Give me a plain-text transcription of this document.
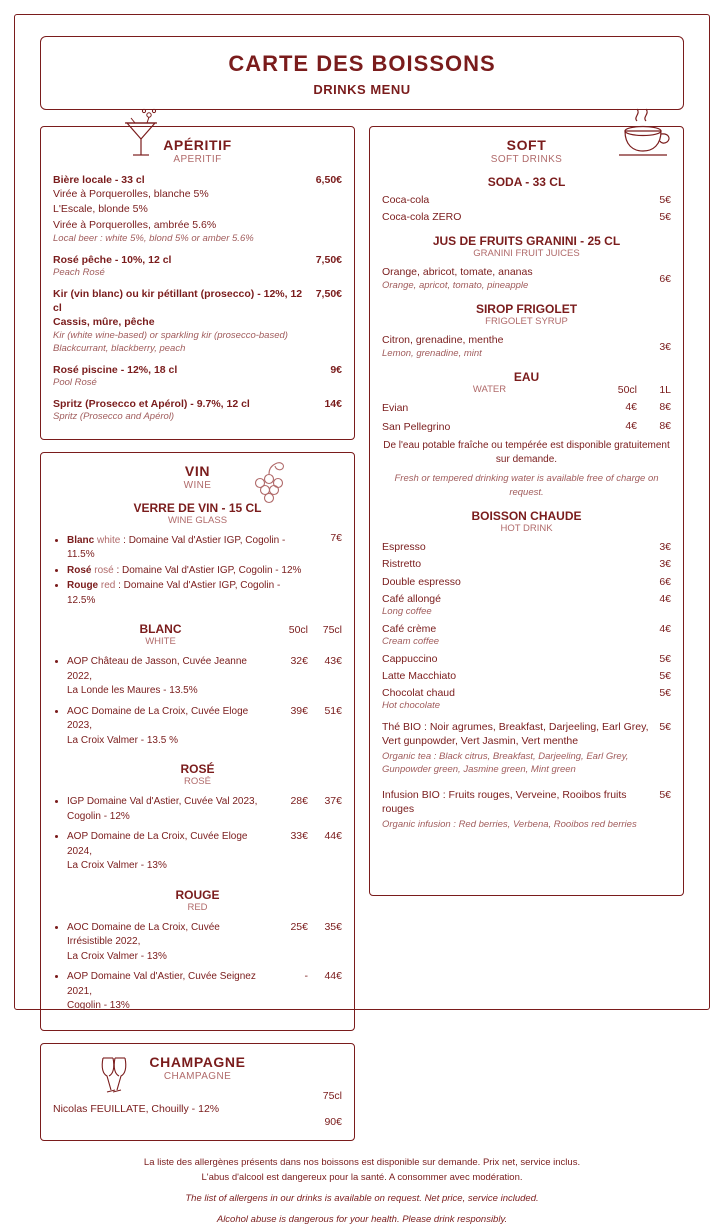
CARTE DES BOISSONS
DRINKS MENU
APÉRITIF
APERITIF
Bière locale - 33 cl	6,50€
Virée à Porquerolles, blanche 5%
L'Escale, blonde 5%
Virée à Porquerolles, ambrée 5.6%
Local beer : white 5%, blond 5% or amber 5.6%
Rosé pêche - 10%, 12 cl	7,50€
Peach Rosé
Kir (vin blanc) ou kir pétillant (prosecco) - 12%, 12 cl
7,50€
Cassis, mûre, pêche
Kir (white wine-based) or sparkling kir (prosecco-based)
Blackcurrant, blackberry, peach
Rosé piscine - 12%, 18 cl	9€
Pool Rosé
Spritz (Prosecco et Apérol) - 9.7%, 12 cl	14€
Spritz (Prosecco and Apérol)
VIN
WINE
VERRE DE VIN - 15 CL
WINE GLASS
• Blanc white : Domaine Val d'Astier IGP, Cogolin - 11.5%
• Rosé rosé : Domaine Val d'Astier IGP, Cogolin - 12%
• Rouge red : Domaine Val d'Astier IGP, Cogolin - 12.5%
7€
BLANC
WHITE
50cl	75cl
• AOP Château de Jasson, Cuvée Jeanne 2022,
La Londe les Maures - 13.5%
32€	43€
• AOC Domaine de La Croix, Cuvée Eloge 2023,
La Croix Valmer - 13.5 %
39€	51€
ROSÉ
ROSÉ
• IGP Domaine Val d'Astier, Cuvée Val 2023, Cogolin - 12%
28€	37€
• AOP Domaine de La Croix, Cuvée Eloge 2024,
La Croix Valmer - 13%
33€	44€
ROUGE
RED
• AOC Domaine de La Croix, Cuvée Irrésistible 2022,
La Croix Valmer - 13%
25€	35€
• AOP Domaine Val d'Astier, Cuvée Seignez 2021,
Cogolin - 13%
-	44€
CHAMPAGNE
CHAMPAGNE
Nicolas FEUILLATE, Chouilly - 12%
75cl
90€
SOFT
SOFT DRINKS
SODA - 33 CL
Coca-cola	5€
Coca-cola ZERO	5€
JUS DE FRUITS GRANINI - 25 CL
GRANINI FRUIT JUICES
Orange, abricot, tomate, ananas
Orange, apricot, tomato, pineapple	6€
SIROP FRIGOLET
FRIGOLET SYRUP
Citron, grenadine, menthe
Lemon, grenadine, mint	3€
EAU
WATER	50cl	1L
Evian	4€	8€
San Pellegrino	4€	8€
De l'eau potable fraîche ou tempérée est disponible gratuitement sur demande.
Fresh or tempered drinking water is available free of charge on request.
BOISSON CHAUDE
HOT DRINK
Espresso	3€
Ristretto	3€
Double espresso	6€
Café allongé
Long coffee
4€
Café crème
Cream coffee
4€
Cappuccino	5€
Latte Macchiato	5€
Chocolat chaud
Hot chocolate
5€
Thé BIO : Noir agrumes, Breakfast, Darjeeling, Earl Grey, Vert gunpowder, Vert Jasmin, Vert menthe
Organic tea : Black citrus, Breakfast, Darjeeling, Earl Grey, Gunpowder green, Jasmine green, Mint green
5€
Infusion BIO : Fruits rouges, Verveine, Rooibos fruits rouges
Organic infusion : Red berries, Verbena, Rooibos red berries
5€
La liste des allergènes présents dans nos boissons est disponible sur demande. Prix net, service inclus.
L'abus d'alcool est dangereux pour la santé. A consommer avec modération.
The list of allergens in our drinks is available on request. Net price, service included.
Alcohol abuse is dangerous for your health. Please drink responsibly.
